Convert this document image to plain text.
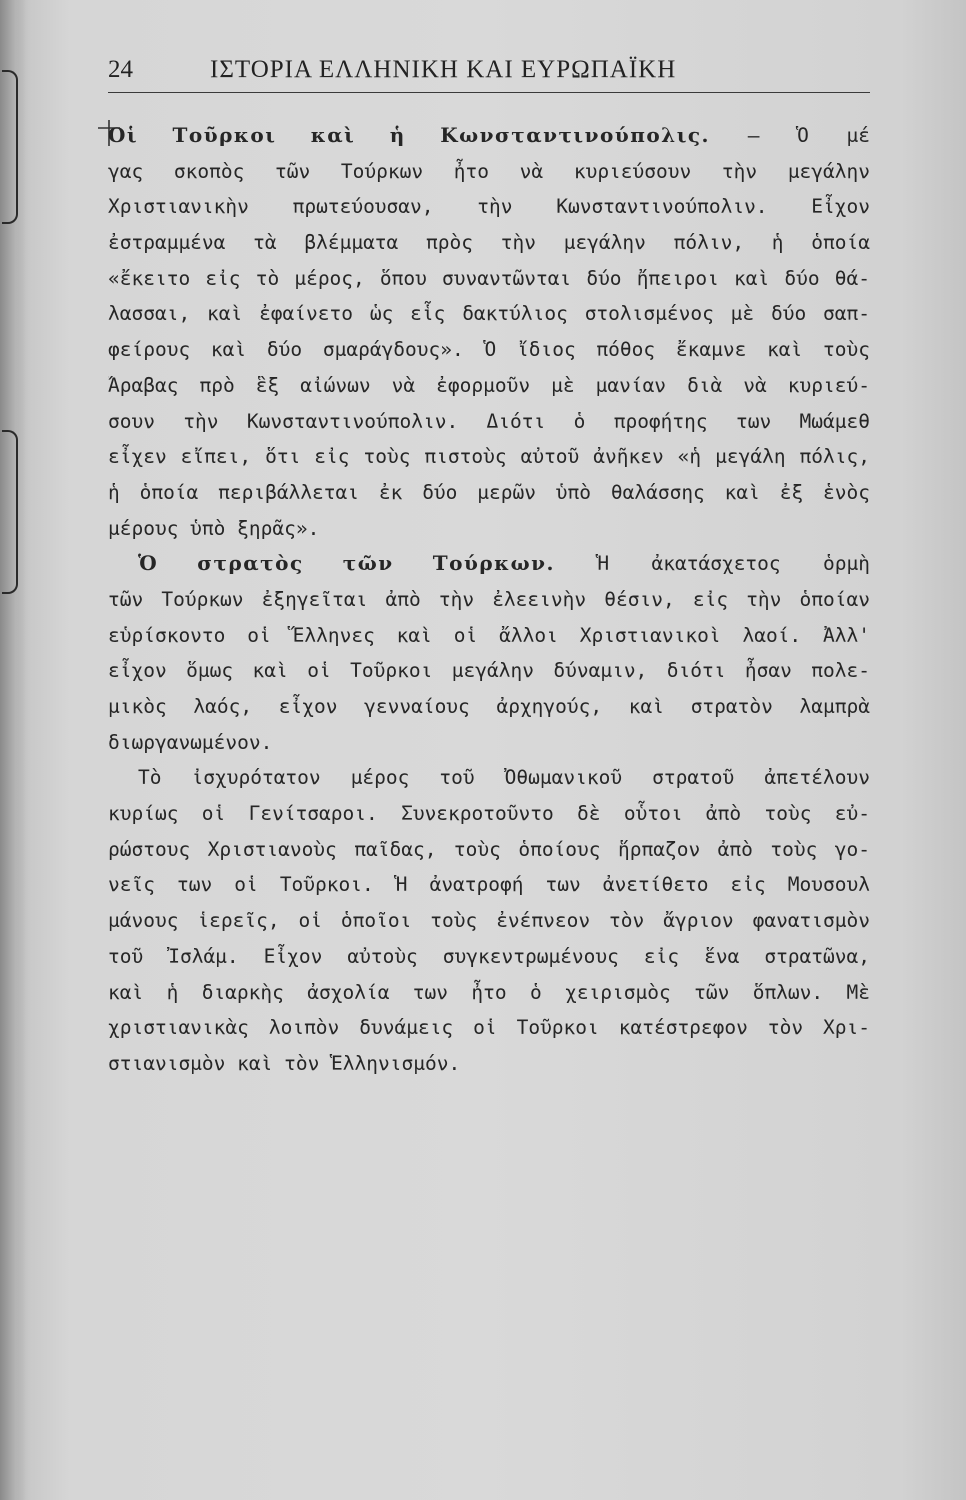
24	ΙΣΤΟΡΙΑ ΕΛΛΗΝΙΚΗ ΚΑΙ ΕΥΡΩΠΑΪΚΗ
Οἱ Τοῦρκοι καὶ ἡ Κωνσταντινούπολις. — Ὁ μέ
γας σκοπὸς τῶν Τούρκων ἦτο νὰ κυριεύσουν τὴν μεγάλην
Χριστιανικὴν πρωτεύουσαν, τὴν Κωνσταντινούπολιν. Εἶχον
ἐστραμμένα τὰ βλέμματα πρὸς τὴν μεγάλην πόλιν, ἡ ὁποία
«ἔκειτο εἰς τὸ μέρος, ὅπου συναντῶνται δύο ἤπειροι καὶ δύο θά-
λασσαι, καὶ ἐφαίνετο ὡς εἷς δακτύλιος στολισμένος μὲ δύο σαπ-
φείρους καὶ δύο σμαράγδους». Ὁ ἴδιος πόθος ἔκαμνε καὶ τοὺς
Ἄραβας πρὸ ἓξ αἰώνων νὰ ἐφορμοῦν μὲ μανίαν διὰ νὰ κυριεύ-
σουν τὴν Κωνσταντινούπολιν. Διότι ὁ προφήτης των Μωάμεθ
εἶχεν εἴπει, ὅτι εἰς τοὺς πιστοὺς αὐτοῦ ἀνῆκεν «ἡ μεγάλη πόλις,
ἡ ὁποία περιβάλλεται ἐκ δύο μερῶν ὑπὸ θαλάσσης καὶ ἐξ ἑνὸς
μέρους ὑπὸ ξηρᾶς».
Ὁ στρατὸς τῶν Τούρκων. Ἡ ἀκατάσχετος ὁρμὴ
τῶν Τούρκων ἐξηγεῖται ἀπὸ τὴν ἐλεεινὴν θέσιν, εἰς τὴν ὁποίαν
εὑρίσκοντο οἱ Ἕλληνες καὶ οἱ ἄλλοι Χριστιανικοὶ λαοί. Ἀλλ'
εἶχον ὅμως καὶ οἱ Τοῦρκοι μεγάλην δύναμιν, διότι ἦσαν πολε-
μικὸς λαός, εἶχον γενναίους ἀρχηγούς, καὶ στρατὸν λαμπρὰ
διωργανωμένον.
Τὸ ἰσχυρότατον μέρος τοῦ Ὀθωμανικοῦ στρατοῦ ἀπετέλουν
κυρίως οἱ Γενίτσαροι. Συνεκροτοῦντο δὲ οὗτοι ἀπὸ τοὺς εὐ-
ρώστους Χριστιανοὺς παῖδας, τοὺς ὁποίους ἥρπαζον ἀπὸ τοὺς γο-
νεῖς των οἱ Τοῦρκοι. Ἡ ἀνατροφή των ἀνετίθετο εἰς Μουσουλ
μάνους ἱερεῖς, οἱ ὁποῖοι τοὺς ἐνέπνεον τὸν ἄγριον φανατισμὸν
τοῦ Ἰσλάμ. Εἶχον αὐτοὺς συγκεντρωμένους εἰς ἕνα στρατῶνα,
καὶ ἡ διαρκὴς ἀσχολία των ἦτο ὁ χειρισμὸς τῶν ὅπλων. Μὲ
χριστιανικὰς λοιπὸν δυνάμεις οἱ Τοῦρκοι κατέστρεφον τὸν Χρι-
στιανισμὸν καὶ τὸν Ἑλληνισμόν.
